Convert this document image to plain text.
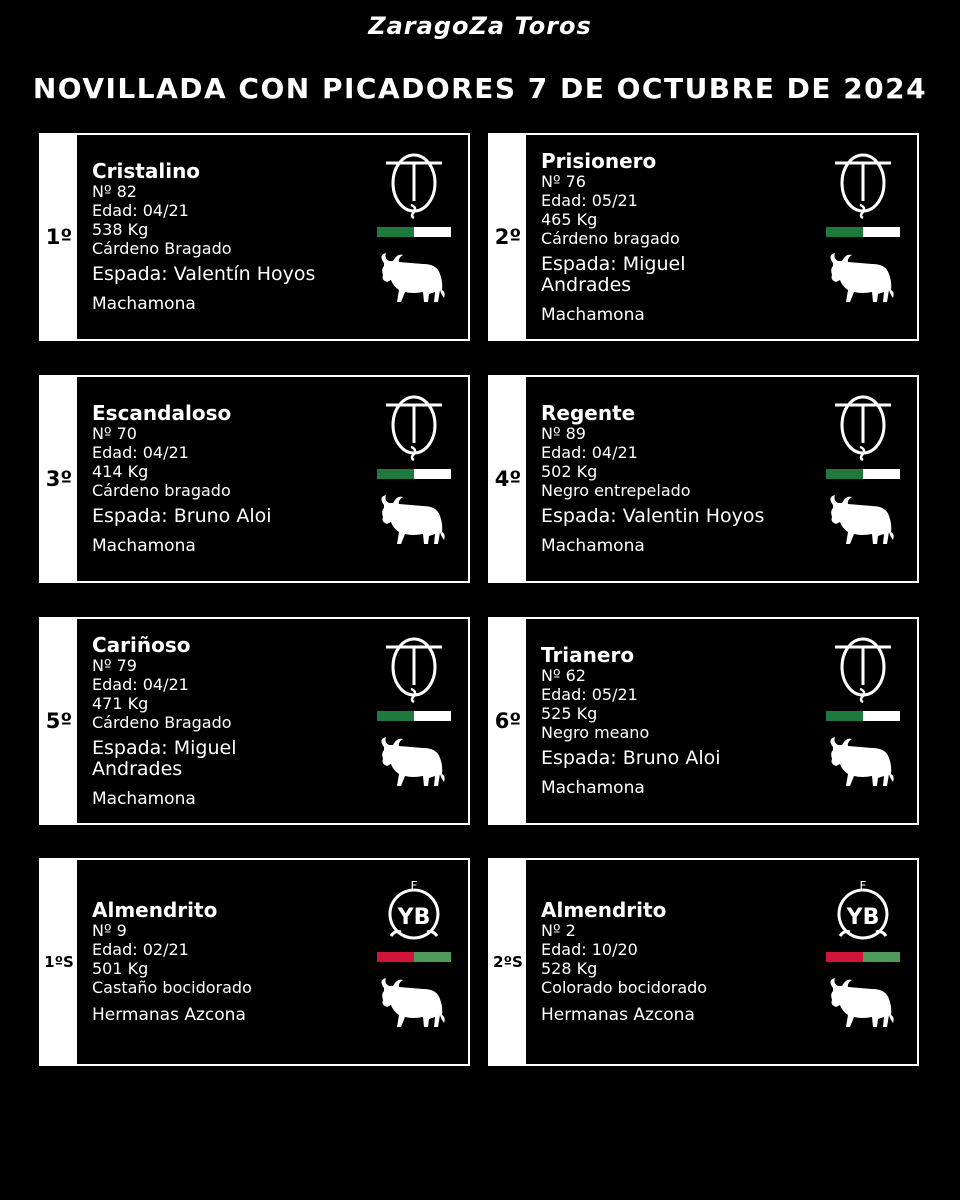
ZaragoZa Toros
NOVILLADA CON PICADORES 7 DE OCTUBRE DE 2024
1º
Cristalino
Nº 82
Edad: 04/21
538 Kg
Cárdeno Bragado
Espada: Valentín Hoyos
Machamona
2º
Prisionero
Nº 76
Edad: 05/21
465 Kg
Cárdeno bragado
Espada: Miguel Andrades
Machamona
3º
Escandaloso
Nº 70
Edad: 04/21
414 Kg
Cárdeno bragado
Espada: Bruno Aloi
Machamona
4º
Regente
Nº 89
Edad: 04/21
502 Kg
Negro entrepelado
Espada: Valentin Hoyos
Machamona
5º
Cariñoso
Nº 79
Edad: 04/21
471 Kg
Cárdeno Bragado
Espada: Miguel Andrades
Machamona
6º
Trianero
Nº 62
Edad: 05/21
525 Kg
Negro meano
Espada: Bruno Aloi
Machamona
1ºS
Almendrito
Nº 9
Edad: 02/21
501 Kg
Castaño bocidorado
Hermanas Azcona
F
YB
2ºS
Almendrito
Nº 2
Edad: 10/20
528 Kg
Colorado bocidorado
Hermanas Azcona
F
YB
